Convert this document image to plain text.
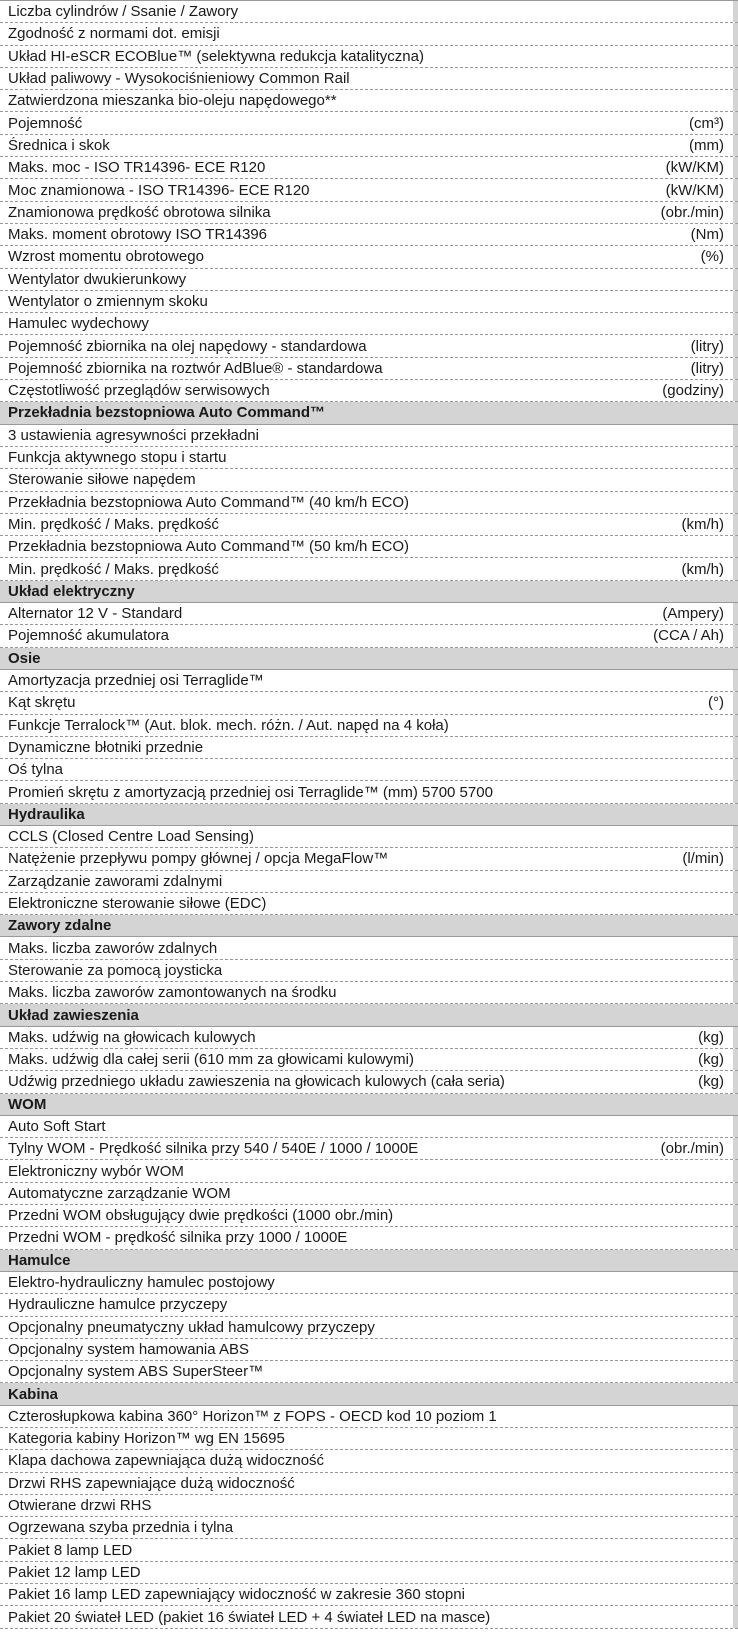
Liczba cylindrów / Ssanie / Zawory
Zgodność z normami dot. emisji
Układ HI-eSCR ECOBlue™ (selektywna redukcja katalityczna)
Układ paliwowy - Wysokociśnieniowy Common Rail
Zatwierdzona mieszanka bio-oleju napędowego**
Pojemność	(cm³)
Średnica i skok	(mm)
Maks. moc - ISO TR14396- ECE R120	(kW/KM)
Moc znamionowa - ISO TR14396- ECE R120	(kW/KM)
Znamionowa prędkość obrotowa silnika	(obr./min)
Maks. moment obrotowy ISO TR14396	(Nm)
Wzrost momentu obrotowego	(%)
Wentylator dwukierunkowy
Wentylator o zmiennym skoku
Hamulec wydechowy
Pojemność zbiornika na olej napędowy - standardowa	(litry)
Pojemność zbiornika na roztwór AdBlue® - standardowa	(litry)
Częstotliwość przeglądów serwisowych	(godziny)
Przekładnia bezstopniowa Auto Command™
3 ustawienia agresywności przekładni
Funkcja aktywnego stopu i startu
Sterowanie siłowe napędem
Przekładnia bezstopniowa Auto Command™ (40 km/h ECO)
Min. prędkość / Maks. prędkość	(km/h)
Przekładnia bezstopniowa Auto Command™ (50 km/h ECO)
Min. prędkość / Maks. prędkość	(km/h)
Układ elektryczny
Alternator 12 V - Standard	(Ampery)
Pojemność akumulatora	(CCA / Ah)
Osie
Amortyzacja przedniej osi Terraglide™
Kąt skrętu	(°)
Funkcje Terralock™ (Aut. blok. mech. różn. / Aut. napęd na 4 koła)
Dynamiczne błotniki przednie
Oś tylna
Promień skrętu z amortyzacją przedniej osi Terraglide™ (mm) 5700 5700
Hydraulika
CCLS (Closed Centre Load Sensing)
Natężenie przepływu pompy głównej / opcja MegaFlow™	(l/min)
Zarządzanie zaworami zdalnymi
Elektroniczne sterowanie siłowe (EDC)
Zawory zdalne
Maks. liczba zaworów zdalnych
Sterowanie za pomocą joysticka
Maks. liczba zaworów zamontowanych na środku
Układ zawieszenia
Maks. udźwig na głowicach kulowych	(kg)
Maks. udźwig dla całej serii (610 mm za głowicami kulowymi)	(kg)
Udźwig przedniego układu zawieszenia na głowicach kulowych (cała seria)	(kg)
WOM
Auto Soft Start
Tylny WOM - Prędkość silnika przy 540 / 540E / 1000 / 1000E	(obr./min)
Elektroniczny wybór WOM
Automatyczne zarządzanie WOM
Przedni WOM obsługujący dwie prędkości (1000 obr./min)
Przedni WOM - prędkość silnika przy 1000 / 1000E
Hamulce
Elektro-hydrauliczny hamulec postojowy
Hydrauliczne hamulce przyczepy
Opcjonalny pneumatyczny układ hamulcowy przyczepy
Opcjonalny system hamowania ABS
Opcjonalny system ABS SuperSteer™
Kabina
Czterosłupkowa kabina 360° Horizon™ z FOPS - OECD kod 10 poziom 1
Kategoria kabiny Horizon™ wg EN 15695
Klapa dachowa zapewniająca dużą widoczność
Drzwi RHS zapewniające dużą widoczność
Otwierane drzwi RHS
Ogrzewana szyba przednia i tylna
Pakiet 8 lamp LED
Pakiet 12 lamp LED
Pakiet 16 lamp LED zapewniający widoczność w zakresie 360 stopni
Pakiet 20 świateł LED (pakiet 16 świateł LED + 4 świateł LED na masce)
